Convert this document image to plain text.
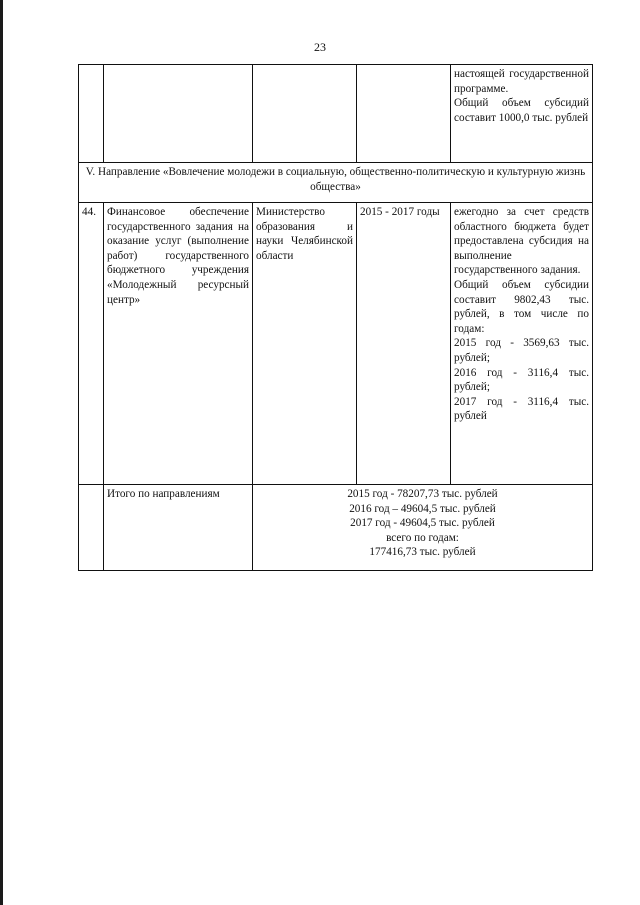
23

				настоящей государственной программе.
Общий объем субсидий составит 1000,0 тыс. рублей

V. Направление «Вовлечение молодежи в социальную, общественно-политическую и культурную жизнь общества»				
44.	Финансовое обеспечение государственного задания на оказание услуг (выполнение работ) государственного бюджетного учреждения «Молодежный ресурсный центр»	Министерство образования и науки Челябинской области	2015 - 2017 годы	ежегодно за счет средств областного бюджета будет предоставлена субсидия на выполнение государственного задания.
Общий объем субсидии составит 9802,43 тыс. рублей, в том числе по годам:
2015 год - 3569,63 тыс. рублей;
2016 год - 3116,4 тыс. рублей;
2017 год - 3116,4 тыс. рублей

	Итого по направлениям	2015 год - 78207,73 тыс. рублей
2016 год – 49604,5 тыс. рублей
2017 год - 49604,5 тыс. рублей
всего по годам:
177416,73 тыс. рублей		
